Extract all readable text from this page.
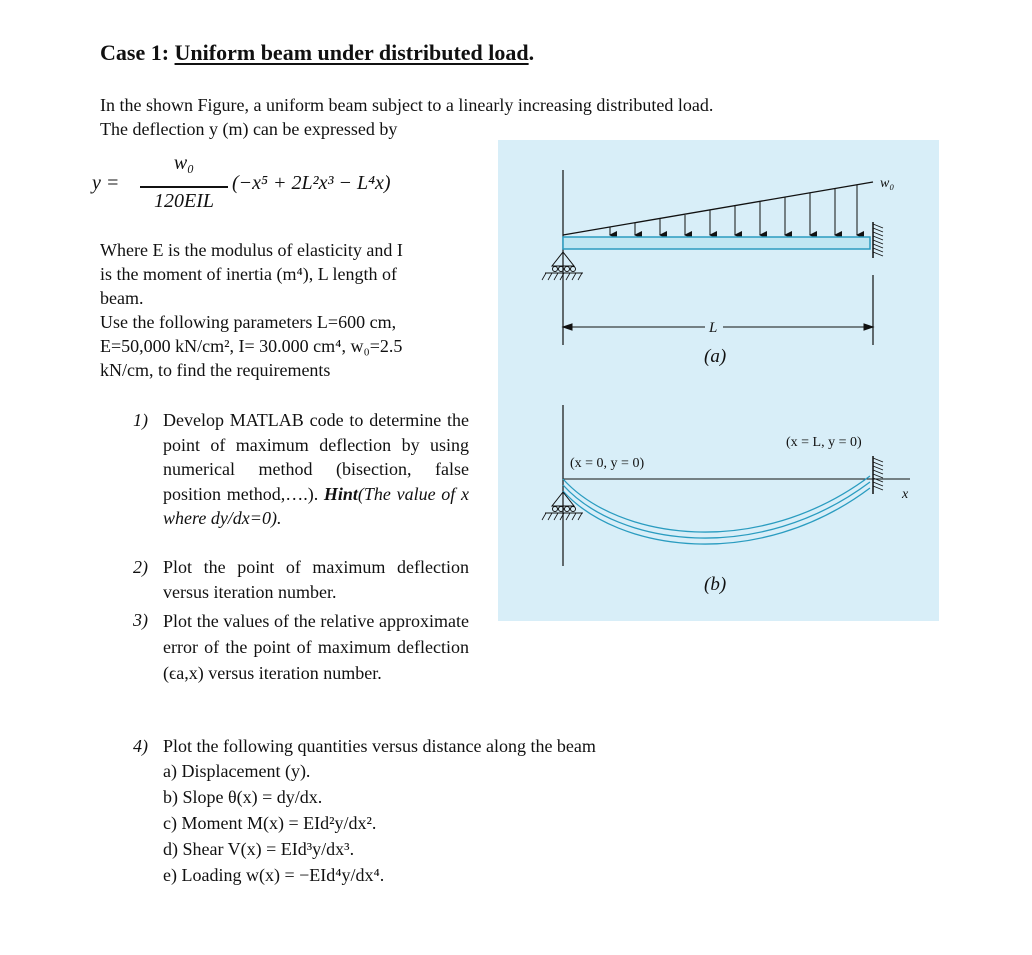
Case 1: Uniform beam under distributed load.
In the shown Figure, a uniform beam subject to a linearly increasing distributed load.
The deflection y (m) can be expressed by
y =
w₀
120EIL
(−x⁵ + 2L²x³ − L⁴x)
Where E is the modulus of elasticity and I
is the moment of inertia (m⁴), L length of
beam.
Use the following parameters L=600 cm,
E=50,000 kN/cm², I= 30.000 cm⁴, w₀=2.5
kN/cm, to find the requirements
1) Develop MATLAB code to determine the point of maximum deflection by using numerical method (bisection, false position method,….). Hint(The value of x where dy/dx=0).
2) Plot the point of maximum deflection versus iteration number.
3) Plot the values of the relative approximate error of the point of maximum deflection (ϵa,x) versus iteration number.
4) Plot the following quantities versus distance along the beam
a) Displacement (y).
b) Slope θ(x) = dy/dx.
c) Moment M(x) = EId²y/dx².
d) Shear V(x) = EId³y/dx³.
e) Loading w(x) = −EId⁴y/dx⁴.
w₀
L
(a)
x
(x = 0, y = 0)
(x = L, y = 0)
(b)
